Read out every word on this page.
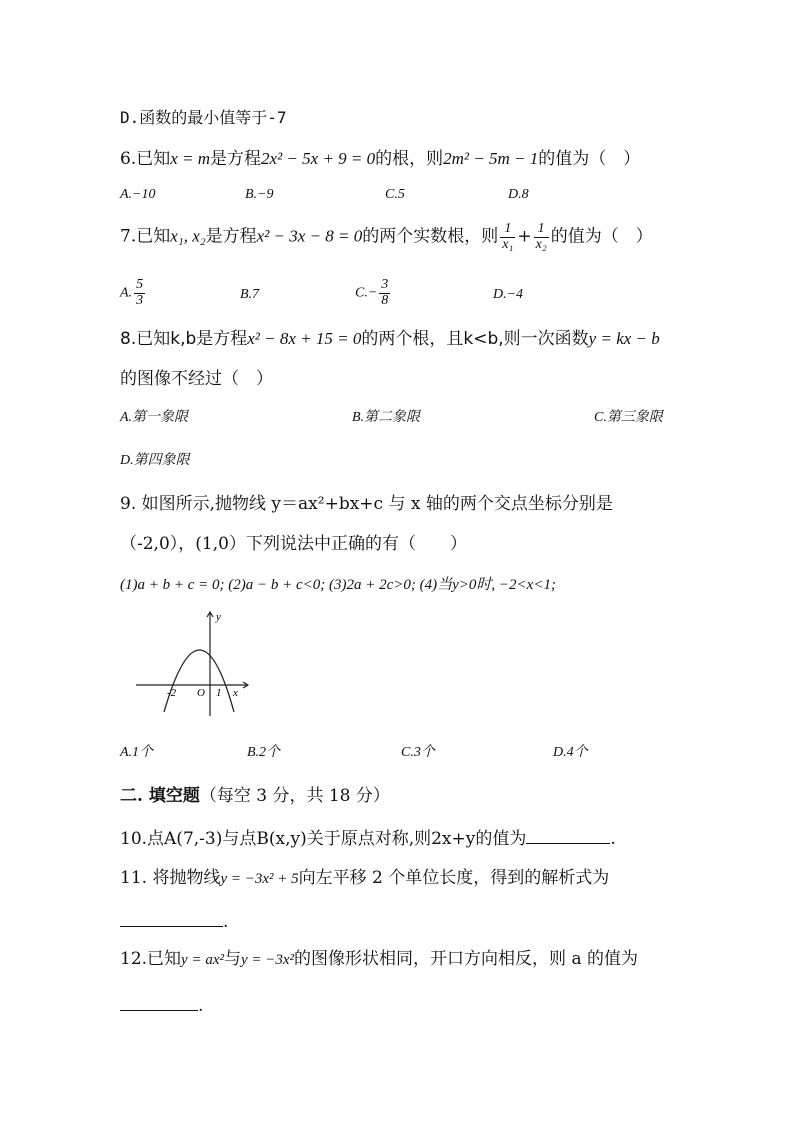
D.函数的最小值等于-7
6.已知x = m是方程2x² − 5x + 9 = 0的根，则2m² − 5m − 1的值为（　）
A.−10	B.−9	C.5	D.8
7.已知x₁, x₂是方程x² − 3x − 8 = 0的两个实数根，则 $\frac{1}{\text{x₁}} + \frac{1}{\text{x₂}}$ 的值为（　）
A. $\frac{5}{3}$	B.7	$C.- \frac{3}{8}$	D.−4
8.已知k,b是方程x² − 8x + 15 = 0的两个根，且k<b,则一次函数y = kx − b
的图像不经过（　）
A.第一象限	B.第二象限	C.第三象限
D.第四象限
9. 如图所示,抛物线 y＝ax²+bx+c 与 x 轴的两个交点坐标分别是
（-2,0），(1,0）下列说法中正确的有（　　）
(1)a + b + c = 0; (2)a − b + c<0; (3)2a + 2c>0; (4)当y>0时, −2<x<1;
y
x
O
-2	1
A.1个	B.2个	C.3个	D.4个
二. 填空题（每空 3 分，共 18 分）
10.点A(7,-3)与点B(x,y)关于原点对称,则2x+y的值为	.
11. 将抛物线y = −3x² + 5向左平移 2 个单位长度，得到的解析式为
.
12.已知y = ax²与y = −3x²的图像形状相同，开口方向相反，则 a 的值为
.
